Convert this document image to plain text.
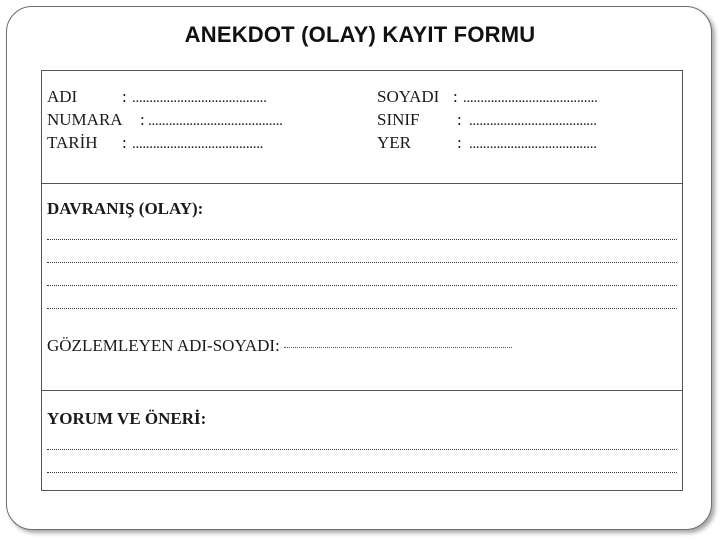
ANEKDOT (OLAY) KAYIT FORMU
ADI	: .......................................
NUMARA	: .......................................
TARİH	: ......................................
SOYADI : .......................................
SINIF	: .....................................
YER	: .....................................
DAVRANIŞ (OLAY):
GÖZLEMLEYEN ADI-SOYADI:
YORUM VE ÖNERİ:
